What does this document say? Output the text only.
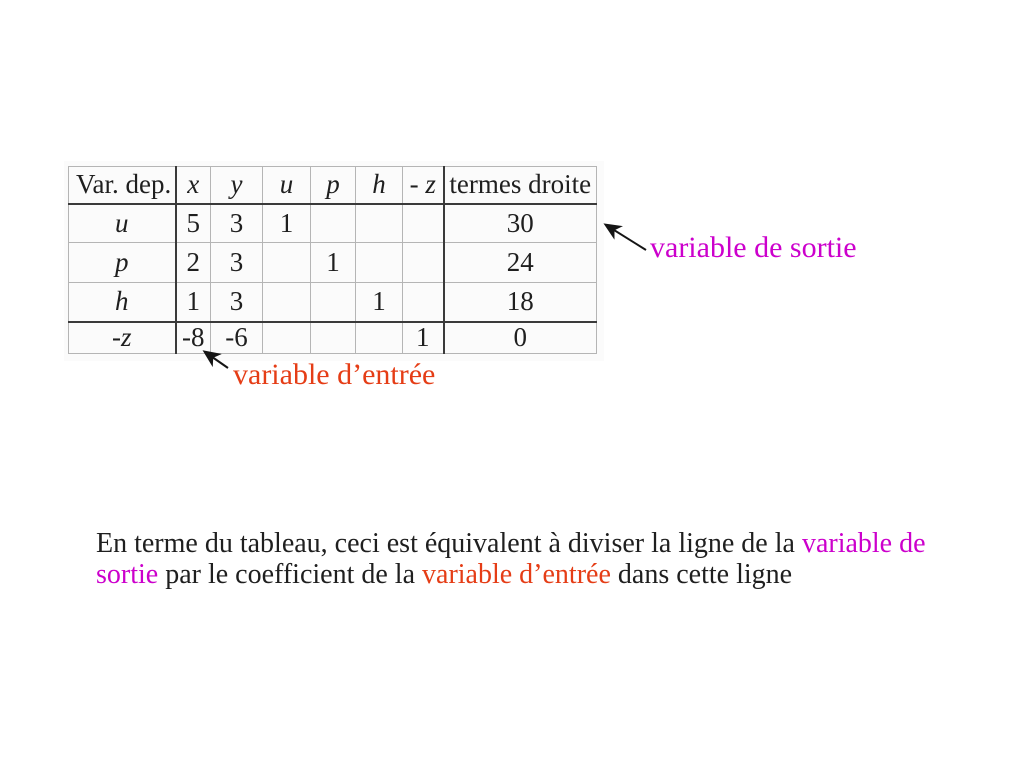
Var. dep.	x	y	u	p	h	- z	termes droite
u	5	3	1				30
p	2	3		1			24
h	1	3			1		18
-z	-8	-6				1	0
variable de sortie
variable d’entrée
En terme du tableau, ceci est équivalent à diviser la ligne de la variable de
sortie par le coefficient de la variable d’entrée dans cette ligne
